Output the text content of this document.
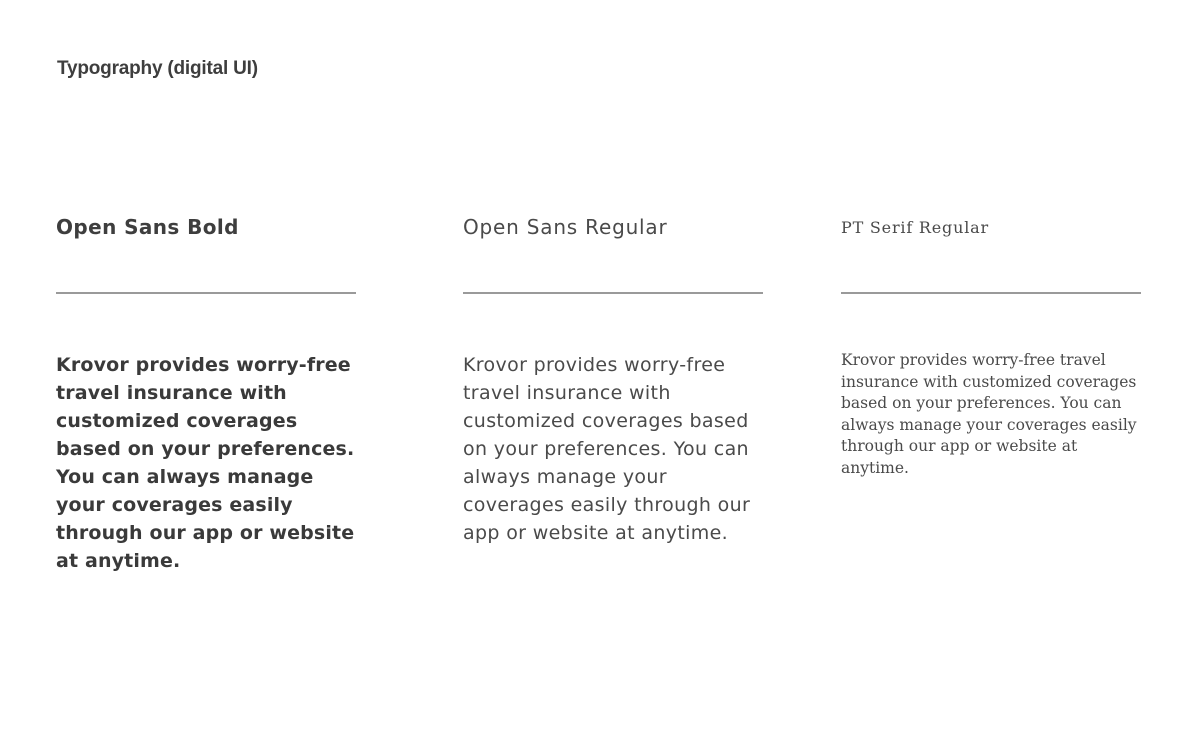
Typography (digital UI)
Open Sans Bold

Krovor provides worry-free travel insurance with customized coverages based on your preferences. You can always manage your coverages easily through our app or website at anytime.

Open Sans Regular

Krovor provides worry-free travel insurance with customized coverages based on your preferences. You can always manage your coverages easily through our app or website at anytime.

PT Serif Regular

Krovor provides worry-free travel insurance with customized coverages based on your preferences. You can always manage your coverages easily through our app or website at anytime.
